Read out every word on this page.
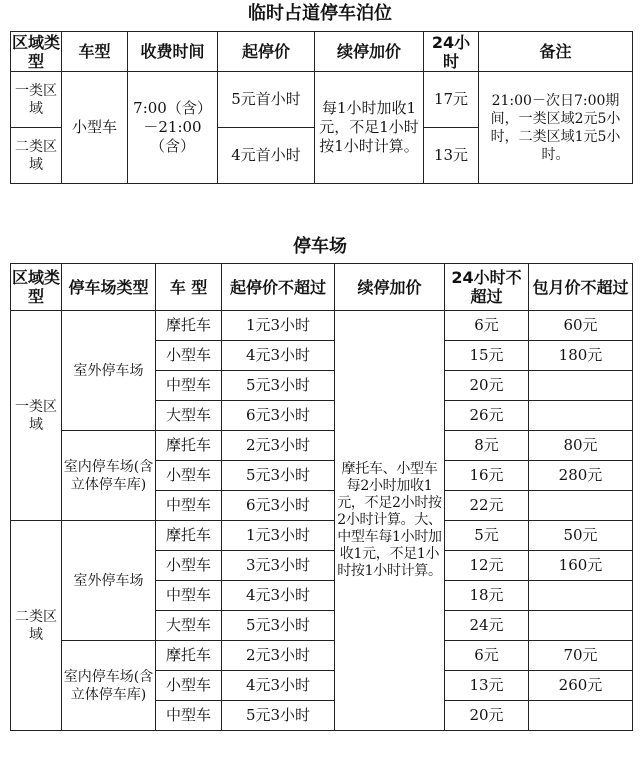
临时占道停车泊位
区域类型	车型	收费时间	起停价	续停加价	24小时	备注
一类区域	小型车	7:00（含）－21:00（含）	5元首小时	每1小时加收1元，不足1小时按1小时计算。	17元	21:00－次日7:00期间，一类区域2元5小时，二类区域1元5小时。
二类区域			4元首小时		13元	
停车场
区域类型	停车场类型	车 型	起停价不超过	续停加价	24小时不超过	包月价不超过
一类区域	室外停车场	摩托车	1元3小时	摩托车、小型车每2小时加收1元，不足2小时按2小时计算。大、中型车每1小时加收1元，不足1小时按1小时计算。	6元	60元
		小型车	4元3小时		15元	180元
		中型车	5元3小时		20元	
		大型车	6元3小时		26元	
	室内停车场(含立体停车库)	摩托车	2元3小时		8元	80元
		小型车	5元3小时		16元	280元
		中型车	6元3小时		22元	
二类区域	室外停车场	摩托车	1元3小时		5元	50元
		小型车	3元3小时		12元	160元
		中型车	4元3小时		18元	
		大型车	5元3小时		24元	
	室内停车场(含立体停车库)	摩托车	2元3小时		6元	70元
		小型车	4元3小时		13元	260元
		中型车	5元3小时		20元	
